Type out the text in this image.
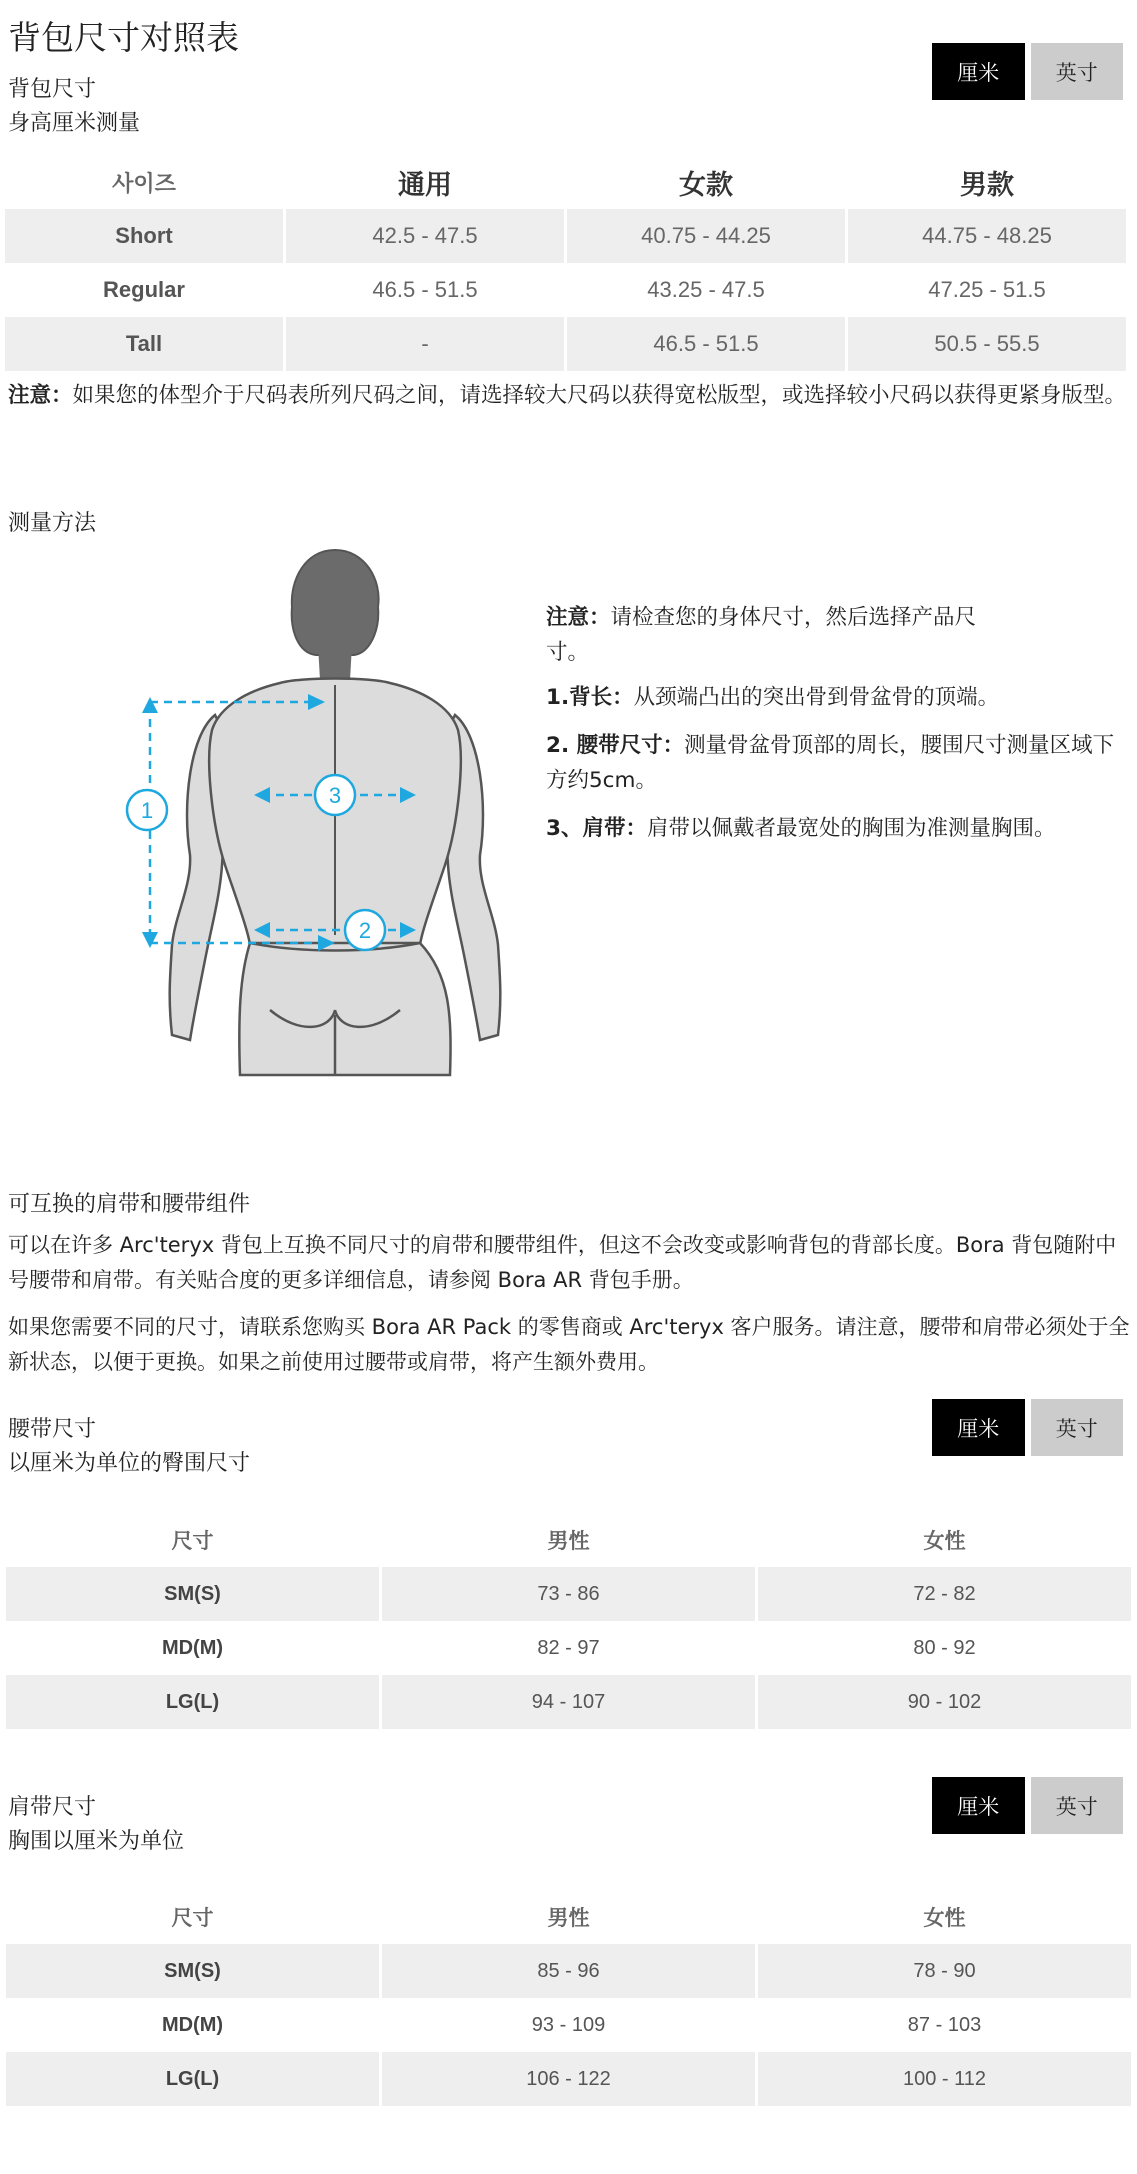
背包尺寸对照表
背包尺寸
身高厘米测量
厘米	英寸
사이즈	通用	女款	男款
Short	42.5 - 47.5	40.75 - 44.25	44.75 - 48.25
Regular	46.5 - 51.5	43.25 - 47.5	47.25 - 51.5
Tall	-	46.5 - 51.5	50.5 - 55.5
注意：如果您的体型介于尺码表所列尺码之间，请选择较大尺码以获得宽松版型，或选择较小尺码以获得更紧身版型。
测量方法
1
3
2

注意：请检查您的身体尺寸，然后选择产品尺寸。

1.背长：从颈端凸出的突出骨到骨盆骨的顶端。

2. 腰带尺寸：测量骨盆骨顶部的周长，腰围尺寸测量区域下方约5cm。

3、肩带：肩带以佩戴者最宽处的胸围为准测量胸围。

可互换的肩带和腰带组件
可以在许多 Arc'teryx 背包上互换不同尺寸的肩带和腰带组件，但这不会改变或影响背包的背部长度。Bora 背包随附中号腰带和肩带。有关贴合度的更多详细信息，请参阅 Bora AR 背包手册。
如果您需要不同的尺寸，请联系您购买 Bora AR Pack 的零售商或 Arc'teryx 客户服务。请注意，腰带和肩带必须处于全新状态，以便于更换。如果之前使用过腰带或肩带，将产生额外费用。
腰带尺寸
以厘米为单位的臀围尺寸
厘米	英寸
尺寸	男性	女性
SM(S)	73 - 86	72 - 82
MD(M)	82 - 97	80 - 92
LG(L)	94 - 107	90 - 102
肩带尺寸
胸围以厘米为单位
厘米	英寸
尺寸	男性	女性
SM(S)	85 - 96	78 - 90
MD(M)	93 - 109	87 - 103
LG(L)	106 - 122	100 - 112
